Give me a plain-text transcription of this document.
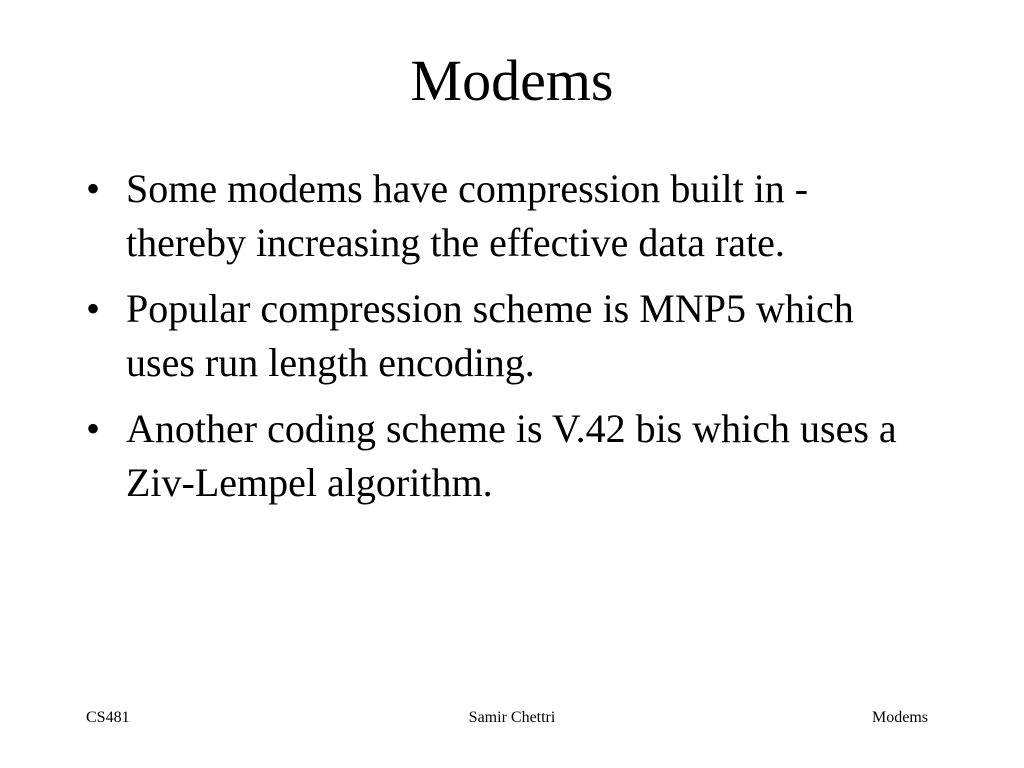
Modems
• Some modems have compression built in - thereby increasing the effective data rate.
• Popular compression scheme is MNP5 which uses run length encoding.
• Another coding scheme is V.42 bis which uses a Ziv-Lempel algorithm.
CS481	Samir Chettri	Modems
